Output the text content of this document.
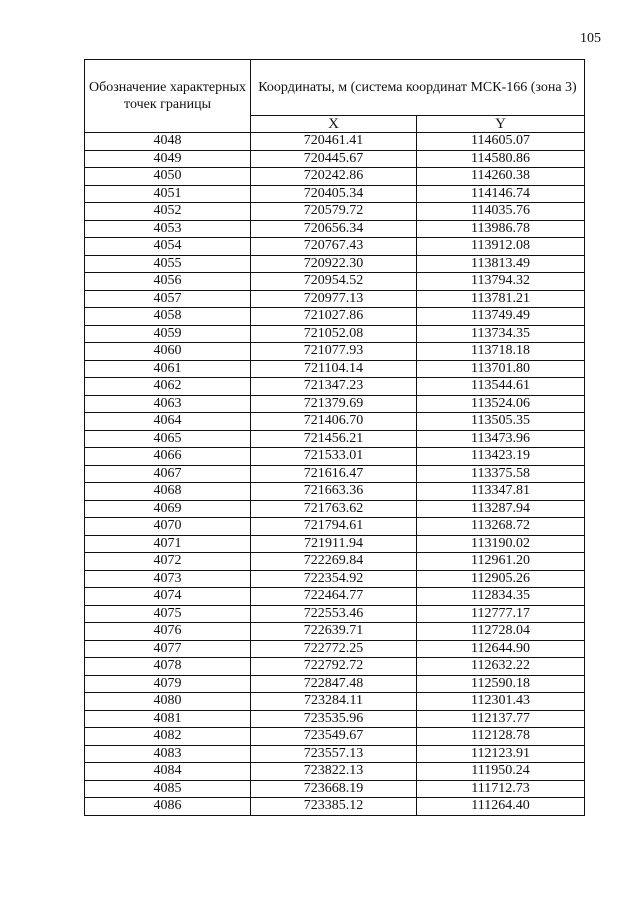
105
Обозначение характерных точек границы	Координаты, м (система координат МСК-166 (зона 3)	
	X	Y
4048	720461.41	114605.07
4049	720445.67	114580.86
4050	720242.86	114260.38
4051	720405.34	114146.74
4052	720579.72	114035.76
4053	720656.34	113986.78
4054	720767.43	113912.08
4055	720922.30	113813.49
4056	720954.52	113794.32
4057	720977.13	113781.21
4058	721027.86	113749.49
4059	721052.08	113734.35
4060	721077.93	113718.18
4061	721104.14	113701.80
4062	721347.23	113544.61
4063	721379.69	113524.06
4064	721406.70	113505.35
4065	721456.21	113473.96
4066	721533.01	113423.19
4067	721616.47	113375.58
4068	721663.36	113347.81
4069	721763.62	113287.94
4070	721794.61	113268.72
4071	721911.94	113190.02
4072	722269.84	112961.20
4073	722354.92	112905.26
4074	722464.77	112834.35
4075	722553.46	112777.17
4076	722639.71	112728.04
4077	722772.25	112644.90
4078	722792.72	112632.22
4079	722847.48	112590.18
4080	723284.11	112301.43
4081	723535.96	112137.77
4082	723549.67	112128.78
4083	723557.13	112123.91
4084	723822.13	111950.24
4085	723668.19	111712.73
4086	723385.12	111264.40
